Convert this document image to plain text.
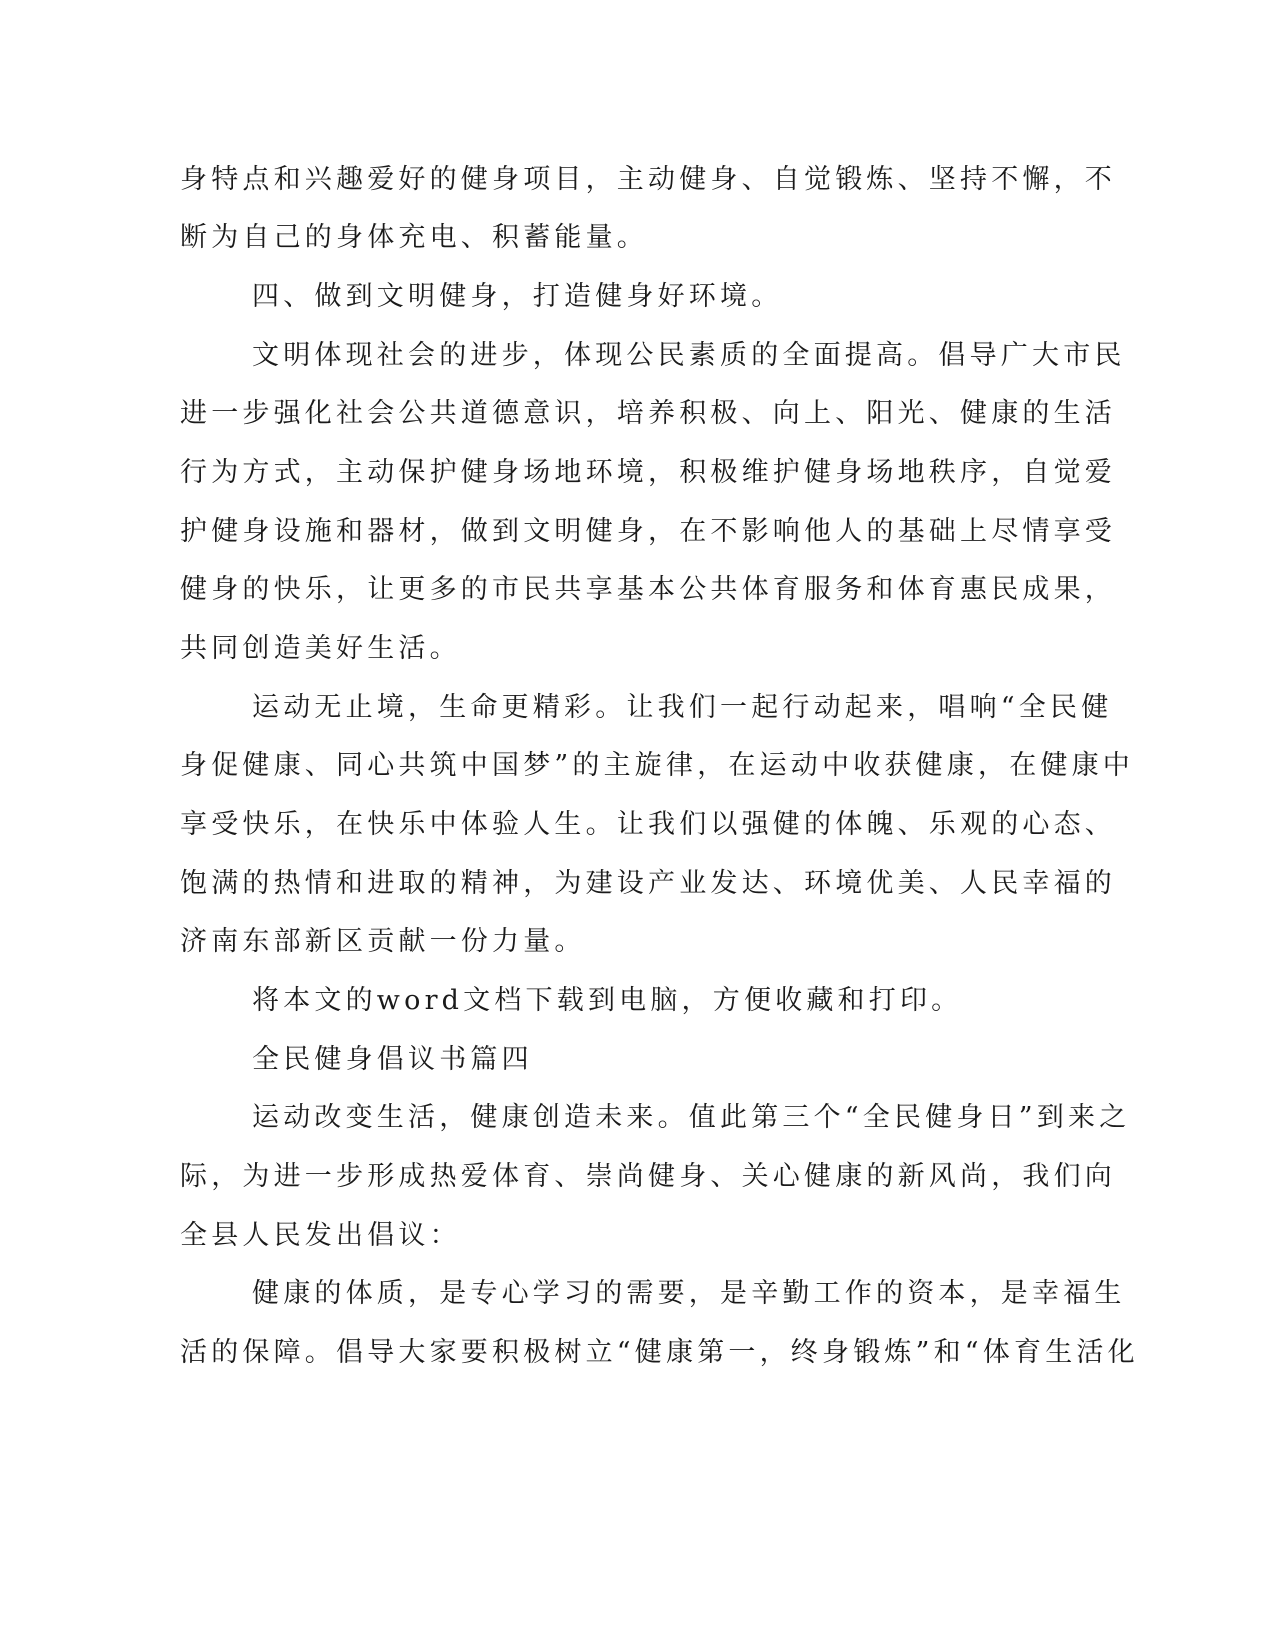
身特点和兴趣爱好的健身项目，主动健身、自觉锻炼、坚持不懈，不
断为自己的身体充电、积蓄能量。
四、做到文明健身，打造健身好环境。
文明体现社会的进步，体现公民素质的全面提高。倡导广大市民
进一步强化社会公共道德意识，培养积极、向上、阳光、健康的生活
行为方式，主动保护健身场地环境，积极维护健身场地秩序，自觉爱
护健身设施和器材，做到文明健身，在不影响他人的基础上尽情享受
健身的快乐，让更多的市民共享基本公共体育服务和体育惠民成果，
共同创造美好生活。
运动无止境，生命更精彩。让我们一起行动起来，唱响“全民健
身促健康、同心共筑中国梦”的主旋律，在运动中收获健康，在健康中
享受快乐，在快乐中体验人生。让我们以强健的体魄、乐观的心态、
饱满的热情和进取的精神，为建设产业发达、环境优美、人民幸福的
济南东部新区贡献一份力量。
将本文的word文档下载到电脑，方便收藏和打印。
全民健身倡议书篇四
运动改变生活，健康创造未来。值此第三个“全民健身日”到来之
际，为进一步形成热爱体育、崇尚健身、关心健康的新风尚，我们向
全县人民发出倡议：
健康的体质，是专心学习的需要，是辛勤工作的资本，是幸福生
活的保障。倡导大家要积极树立“健康第一，终身锻炼”和“体育生活化
